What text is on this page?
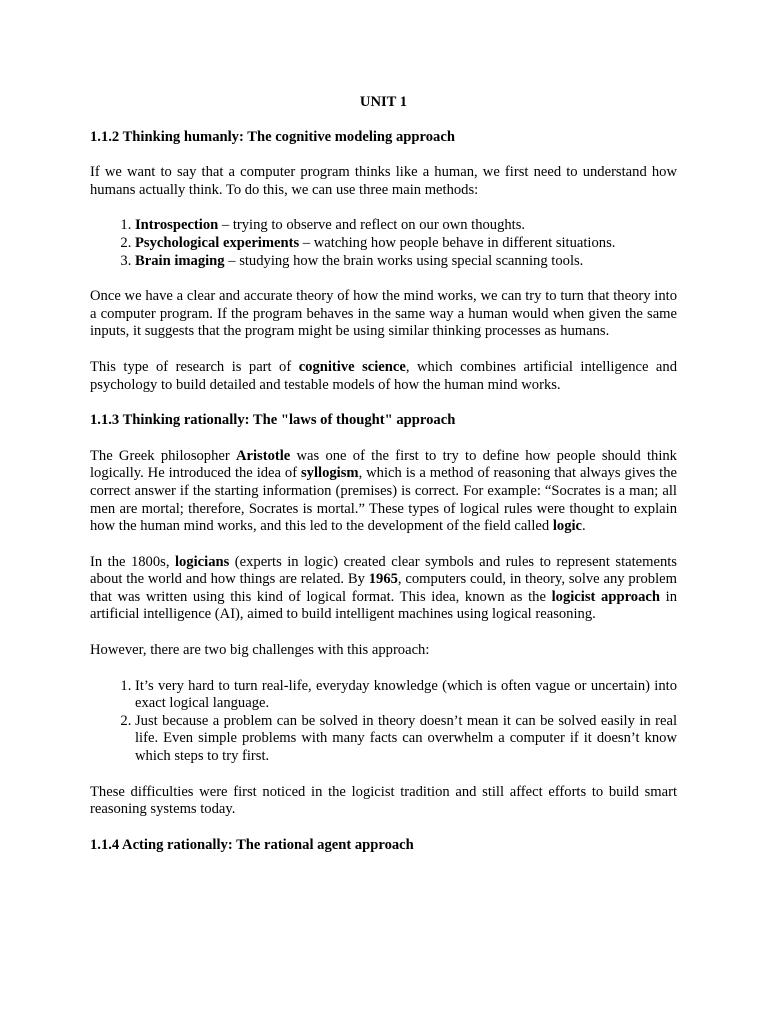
UNIT 1
1.1.2 Thinking humanly: The cognitive modeling approach

If we want to say that a computer program thinks like a human, we first need to understand how humans actually think. To do this, we can use three main methods:

1. Introspection – trying to observe and reflect on our own thoughts.
2. Psychological experiments – watching how people behave in different situations.
3. Brain imaging – studying how the brain works using special scanning tools.

Once we have a clear and accurate theory of how the mind works, we can try to turn that theory into a computer program. If the program behaves in the same way a human would when given the same inputs, it suggests that the program might be using similar thinking processes as humans.

This type of research is part of cognitive science, which combines artificial intelligence and psychology to build detailed and testable models of how the human mind works.

1.1.3 Thinking rationally: The "laws of thought" approach

The Greek philosopher Aristotle was one of the first to try to define how people should think logically. He introduced the idea of syllogism, which is a method of reasoning that always gives the correct answer if the starting information (premises) is correct. For example: “Socrates is a man; all men are mortal; therefore, Socrates is mortal.” These types of logical rules were thought to explain how the human mind works, and this led to the development of the field called logic.

In the 1800s, logicians (experts in logic) created clear symbols and rules to represent statements about the world and how things are related. By 1965, computers could, in theory, solve any problem that was written using this kind of logical format. This idea, known as the logicist approach in artificial intelligence (AI), aimed to build intelligent machines using logical reasoning.

However, there are two big challenges with this approach:

1. It’s very hard to turn real-life, everyday knowledge (which is often vague or uncertain) into exact logical language.
2. Just because a problem can be solved in theory doesn’t mean it can be solved easily in real life. Even simple problems with many facts can overwhelm a computer if it doesn’t know which steps to try first.

These difficulties were first noticed in the logicist tradition and still affect efforts to build smart reasoning systems today.

1.1.4 Acting rationally: The rational agent approach
